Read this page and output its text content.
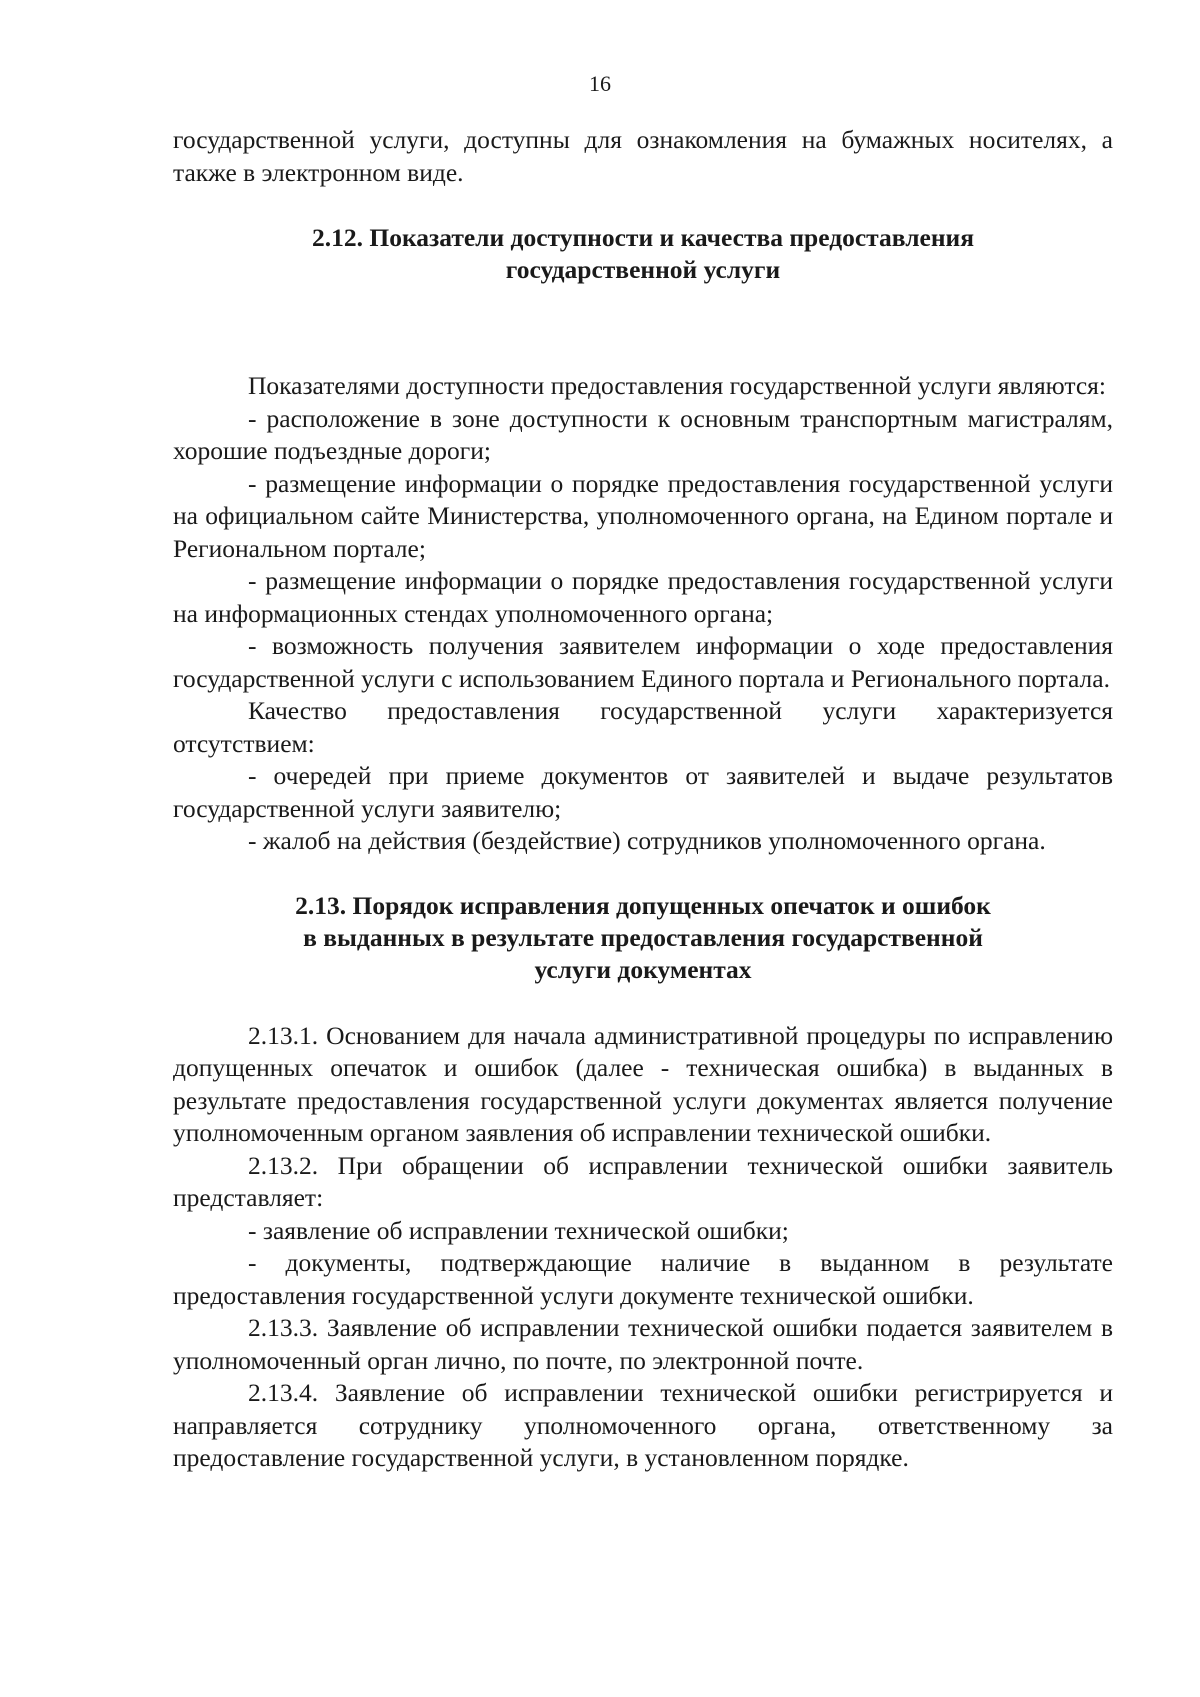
16

государственной услуги, доступны для ознакомления на бумажных носителях, а также в электронном виде.

2.12. Показатели доступности и качества предоставления
государственной услуги

Показателями доступности предоставления государственной услуги являются:

- расположение в зоне доступности к основным транспортным магистралям, хорошие подъездные дороги;

- размещение информации о порядке предоставления государственной услуги на официальном сайте Министерства, уполномоченного органа, на Едином портале и Региональном портале;

- размещение информации о порядке предоставления государственной услуги на информационных стендах уполномоченного органа;

- возможность получения заявителем информации о ходе предоставления государственной услуги с использованием Единого портала и Регионального портала.

Качество предоставления государственной услуги характеризуется отсутствием:

- очередей при приеме документов от заявителей и выдаче результатов государственной услуги заявителю;

- жалоб на действия (бездействие) сотрудников уполномоченного органа.

2.13. Порядок исправления допущенных опечаток и ошибок
в выданных в результате предоставления государственной
услуги документах

2.13.1. Основанием для начала административной процедуры по исправлению допущенных опечаток и ошибок (далее - техническая ошибка) в выданных в результате предоставления государственной услуги документах является получение уполномоченным органом заявления об исправлении технической ошибки.

2.13.2. При обращении об исправлении технической ошибки заявитель представляет:

- заявление об исправлении технической ошибки;

- документы, подтверждающие наличие в выданном в результате предоставления государственной услуги документе технической ошибки.

2.13.3. Заявление об исправлении технической ошибки подается заявителем в уполномоченный орган лично, по почте, по электронной почте.

2.13.4. Заявление об исправлении технической ошибки регистрируется и направляется сотруднику уполномоченного органа, ответственному за предоставление государственной услуги, в установленном порядке.
